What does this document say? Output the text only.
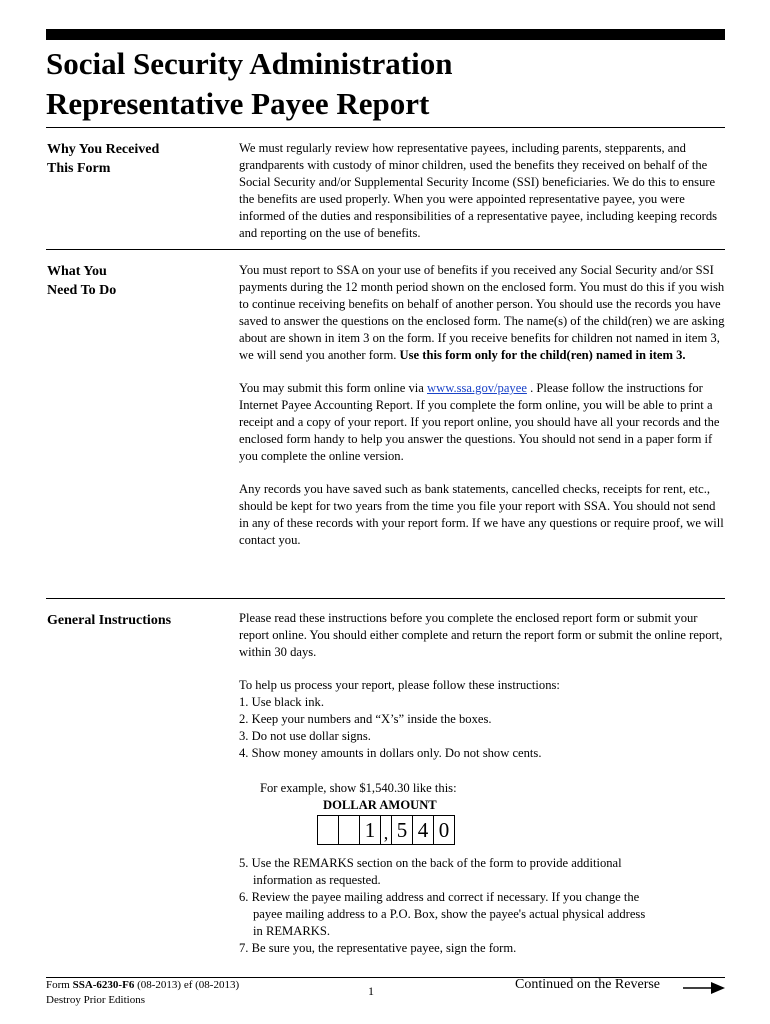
Social Security Administration
Representative Payee Report
Why You Received
This Form

We must regularly review how representative payees, including parents, stepparents, and grandparents with custody of minor children, used the benefits they received on behalf of the Social Security and/or Supplemental Security Income (SSI) beneficiaries. We do this to ensure the benefits are used properly. When you were appointed representative payee, you were informed of the duties and responsibilities of a representative payee, including keeping records and reporting on the use of benefits.

What You
Need To Do

You must report to SSA on your use of benefits if you received any Social Security and/or SSI payments during the 12 month period shown on the enclosed form. You must do this if you wish to continue receiving benefits on behalf of another person. You should use the records you have saved to answer the questions on the enclosed form. The name(s) of the child(ren) we are asking about are shown in item 3 on the form. If you receive benefits for children not named in item 3, we will send you another form. Use this form only for the child(ren) named in item 3.

You may submit this form online via www.ssa.gov/payee . Please follow the instructions for Internet Payee Accounting Report. If you complete the form online, you will be able to print a receipt and a copy of your report. If you report online, you should have all your records and the enclosed form handy to help you answer the questions. You should not send in a paper form if you complete the online version.

Any records you have saved such as bank statements, cancelled checks, receipts for rent, etc., should be kept for two years from the time you file your report with SSA. You should not send in any of these records with your report form. If we have any questions or require proof, we will contact you.

General Instructions	Please read these instructions before you complete the enclosed report form or submit your report online. You should either complete and return the report form or submit the online report, within 30 days.

To help us process your report, please follow these instructions:

1. Use black ink.

2. Keep your numbers and “X’s” inside the boxes.

3. Do not use dollar signs.

4. Show money amounts in dollars only. Do not show cents.

For example, show $1,540.30 like this:
DOLLAR AMOUNT
1 , 5 4 0

5. Use the REMARKS section on the back of the form to provide additional
information as requested.

6. Review the payee mailing address and correct if necessary. If you change the
payee mailing address to a P.O. Box, show the payee's actual physical address
in REMARKS.

7. Be sure you, the representative payee, sign the form.

Form SSA-6230-F6 (08-2013) ef (08-2013)
Destroy Prior Editions
1	Continued on the Reverse
